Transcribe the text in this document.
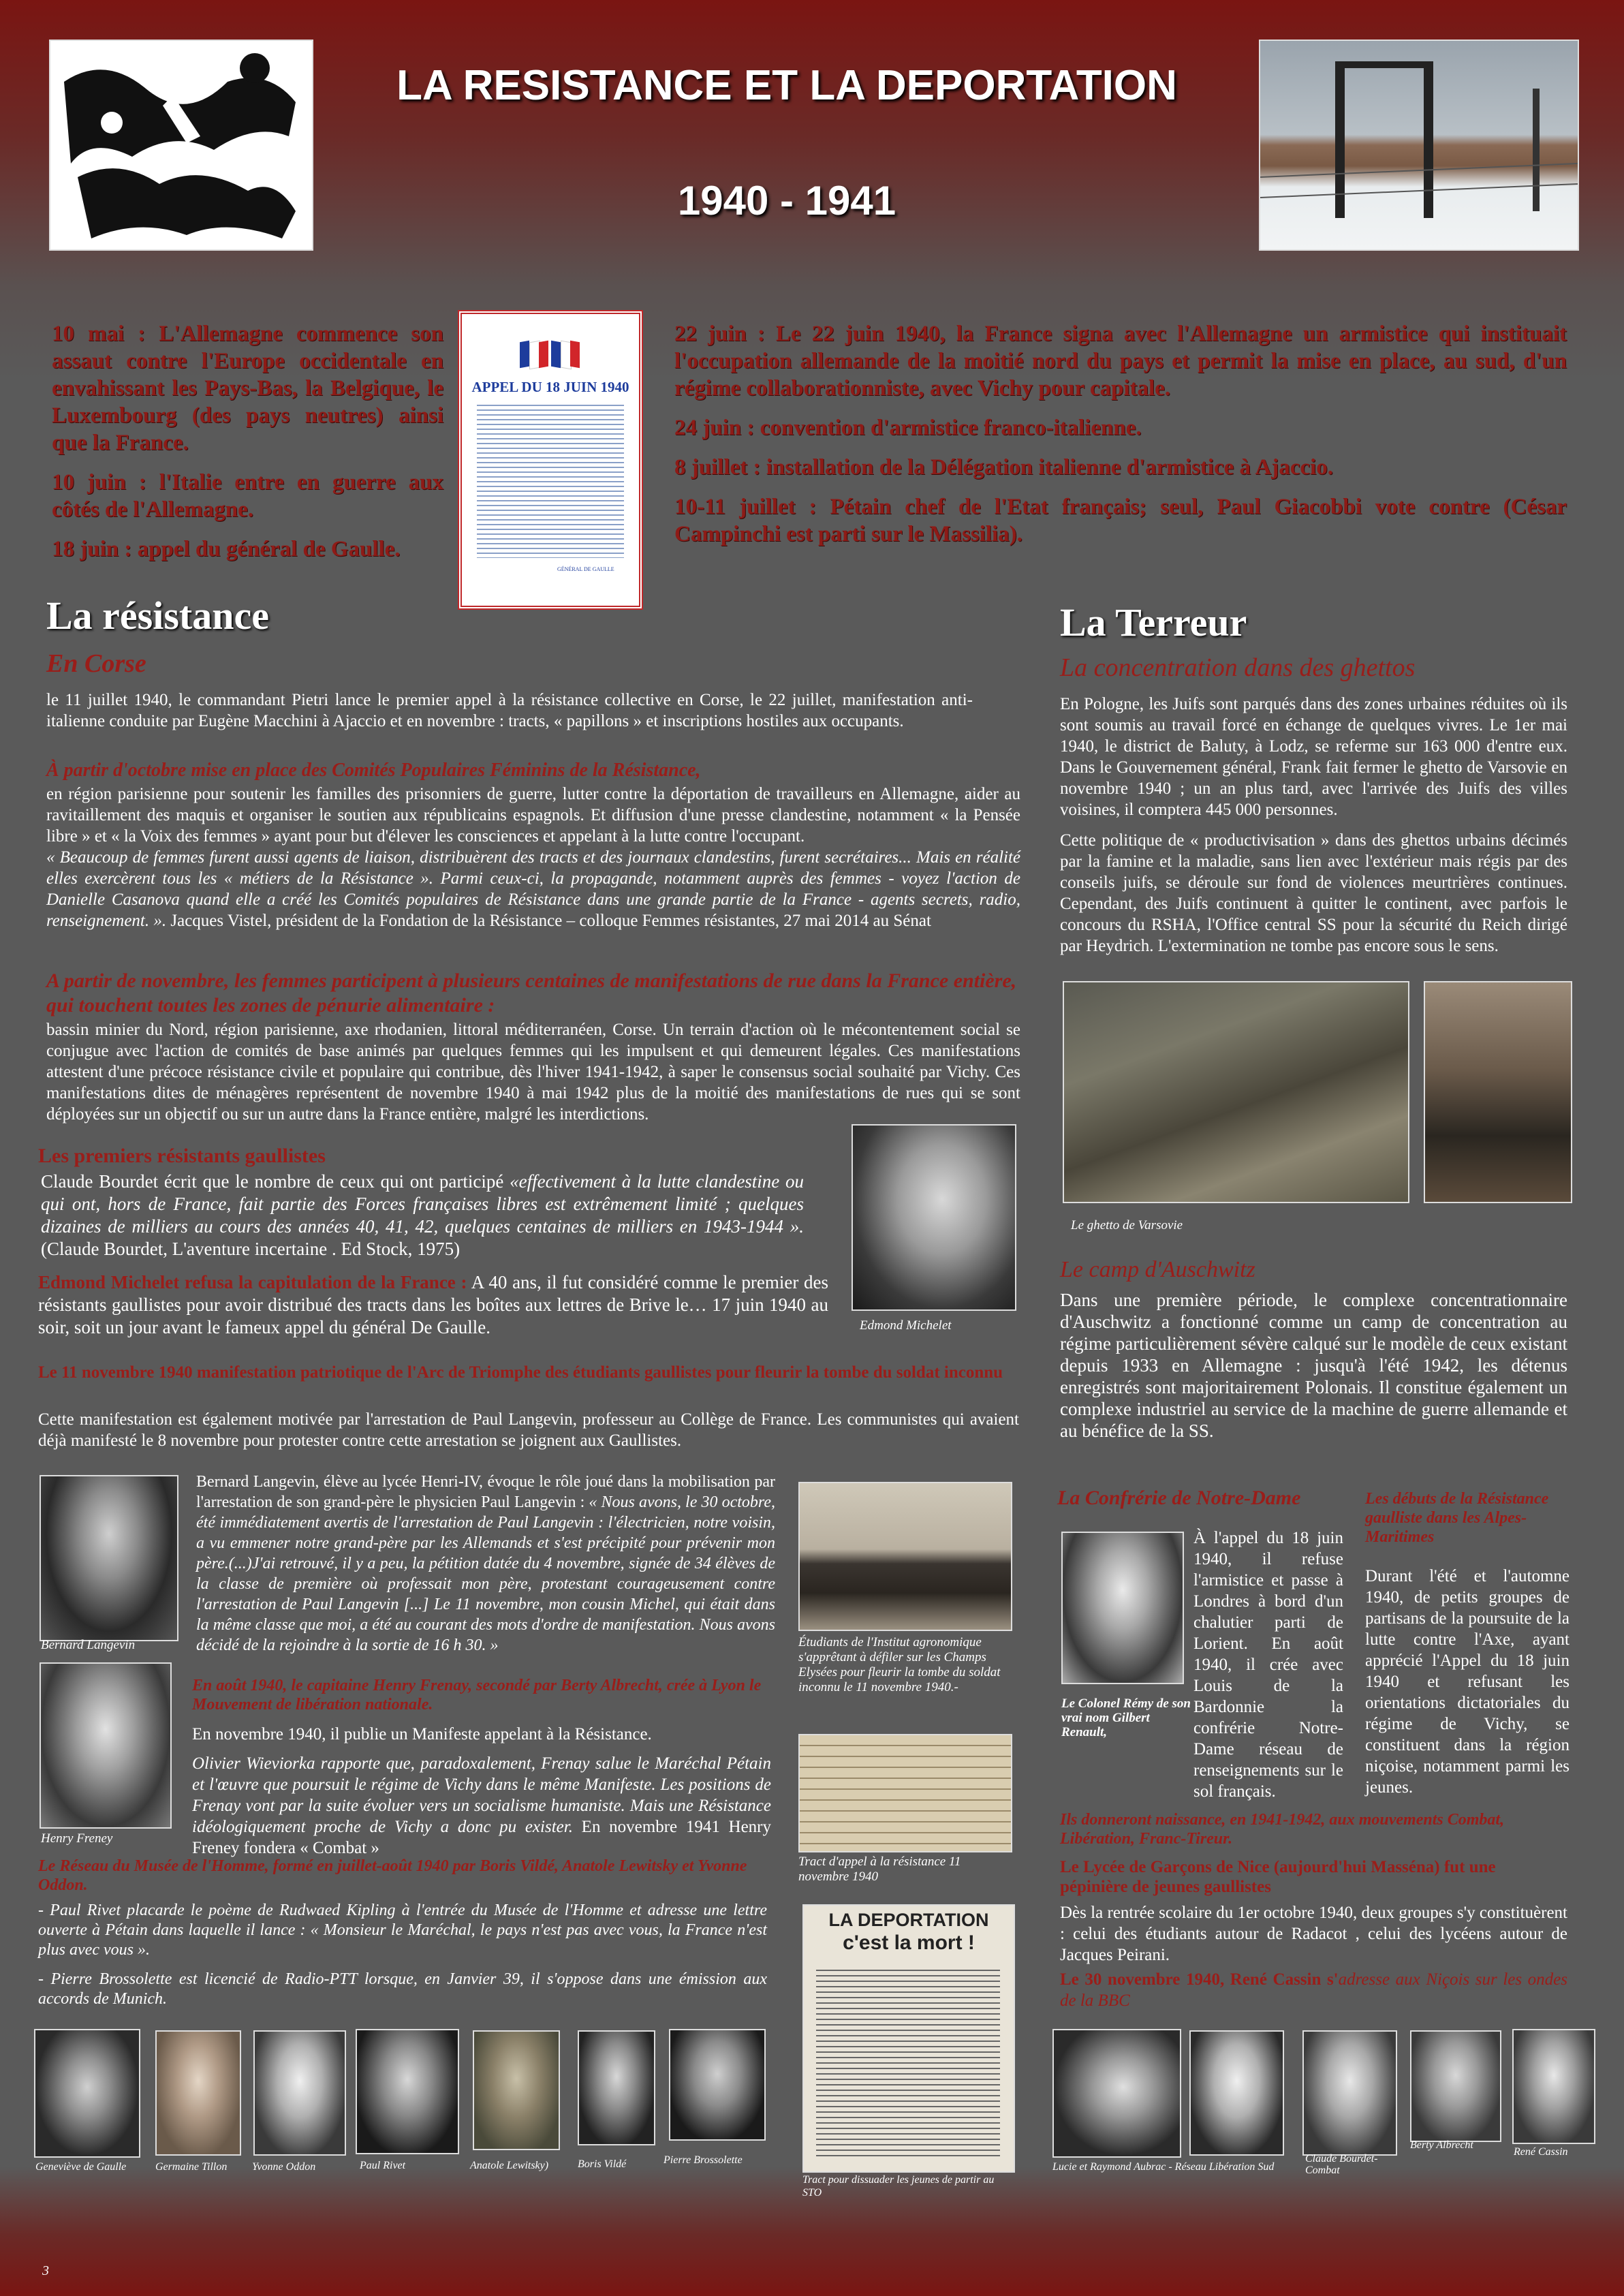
LA RESISTANCE ET LA DEPORTATION
1940 - 1941

10 mai : L'Allemagne commence son assaut contre l'Europe occidentale en envahissant les Pays-Bas, la Belgique, le Luxembourg (des pays neutres) ainsi que la France.

10 juin : l'Italie entre en guerre aux côtés de l'Allemagne.

18 juin : appel du général de Gaulle.

APPEL DU 18 JUIN 1940
GÉNÉRAL DE GAULLE

22 juin : Le 22 juin 1940, la France signa avec l'Allemagne un armistice qui instituait l'occupation allemande de la moitié nord du pays et permit la mise en place, au sud, d'un régime collaborationniste, avec Vichy pour capitale.

24 juin : convention d'armistice franco-italienne.

8 juillet : installation de la Délégation italienne d'armistice à Ajaccio.

10-11 juillet : Pétain chef de l'Etat français; seul, Paul Giacobbi vote contre (César Campinchi est parti sur le Massilia).

La résistance
En Corse
le 11 juillet 1940, le commandant Pietri lance le premier appel à la résistance collective en Corse, le 22 juillet, manifestation anti-italienne conduite par Eugène Macchini à Ajaccio et en novembre : tracts, « papillons » et inscriptions hostiles aux occupants.
À partir d'octobre mise en place des Comités Populaires Féminins de la Résistance,
en région parisienne pour soutenir les familles des prisonniers de guerre, lutter contre la déportation de travailleurs en Allemagne, aider au ravitaillement des maquis et organiser le soutien aux républicains espagnols. Et diffusion d'une presse clandestine, notamment « la Pensée libre » et « la Voix des femmes » ayant pour but d'élever les consciences et appelant à la lutte contre l'occupant.
« Beaucoup de femmes furent aussi agents de liaison, distribuèrent des tracts et des journaux clandestins, furent secrétaires... Mais en réalité elles exercèrent tous les « métiers de la Résistance ». Parmi ceux-ci, la propagande, notamment auprès des femmes - voyez l'action de Danielle Casanova quand elle a créé les Comités populaires de Résistance dans une grande partie de la France - agents secrets, radio, renseignement. ». Jacques Vistel, président de la Fondation de la Résistance – colloque Femmes résistantes, 27 mai 2014 au Sénat
A partir de novembre, les femmes participent à plusieurs centaines de manifestations de rue dans la France entière, qui touchent toutes les zones de pénurie alimentaire :
bassin minier du Nord, région parisienne, axe rhodanien, littoral méditerranéen, Corse. Un terrain d'action où le mécontentement social se conjugue avec l'action de comités de base animés par quelques femmes qui les impulsent et qui demeurent légales. Ces manifestations attestent d'une précoce résistance civile et populaire qui contribue, dès l'hiver 1941-1942, à saper le consensus social souhaité par Vichy. Ces manifestations dites de ménagères représentent de novembre 1940 à mai 1942 plus de la moitié des manifestations de rues qui se sont déployées sur un objectif ou sur un autre dans la France entière, malgré les interdictions.
Les premiers résistants gaullistes
Claude Bourdet écrit que le nombre de ceux qui ont participé «effectivement à la lutte clandestine ou qui ont, hors de France, fait partie des Forces françaises libres est extrêmement limité ; quelques dizaines de milliers au cours des années 40, 41, 42, quelques centaines de milliers en 1943-1944 ». (Claude Bourdet, L'aventure incertaine . Ed Stock, 1975)
Edmond Michelet refusa la capitulation de la France : A 40 ans, il fut considéré comme le premier des résistants gaullistes pour avoir distribué des tracts dans les boîtes aux lettres de Brive le… 17 juin 1940 au soir, soit un jour avant le fameux appel du général De Gaulle.	Edmond Michelet
Le 11 novembre 1940 manifestation patriotique de l'Arc de Triomphe des étudiants gaullistes pour fleurir la tombe du soldat inconnu
Cette manifestation est également motivée par l'arrestation de Paul Langevin, professeur au Collège de France. Les communistes qui avaient déjà manifesté le 8 novembre pour protester contre cette arrestation se joignent aux Gaullistes.
Bernard Langevin
Bernard Langevin, élève au lycée Henri-IV, évoque le rôle joué dans la mobilisation par l'arrestation de son grand-père le physicien Paul Langevin : « Nous avons, le 30 octobre, été immédiatement avertis de l'arrestation de Paul Langevin : l'électricien, notre voisin, a vu emmener notre grand-père par les Allemands et s'est précipité pour prévenir mon père.(...)J'ai retrouvé, il y a peu, la pétition datée du 4 novembre, signée de 34 élèves de la classe de première où professait mon père, protestant courageusement contre l'arrestation de Paul Langevin [...] Le 11 novembre, mon cousin Michel, qui était dans la même classe que moi, a été au courant des mots d'ordre de manifestation. Nous avons décidé de la rejoindre à la sortie de 16 h 30. »
Henry Freney
En août 1940, le capitaine Henry Frenay, secondé par Berty Albrecht, crée à Lyon le Mouvement de libération nationale.
En novembre 1940, il publie un Manifeste appelant à la Résistance.
Olivier Wieviorka rapporte que, paradoxalement, Frenay salue le Maréchal Pétain et l'œuvre que poursuit le régime de Vichy dans le même Manifeste. Les positions de Frenay vont par la suite évoluer vers un socialisme humaniste. Mais une Résistance idéologiquement proche de Vichy a donc pu exister. En novembre 1941 Henry Freney fondera « Combat »
Le Réseau du Musée de l'Homme, formé en juillet-août 1940 par Boris Vildé, Anatole Lewitsky et Yvonne Oddon.

- Paul Rivet placarde le poème de Rudwaed Kipling à l'entrée du Musée de l'Homme et adresse une lettre ouverte à Pétain dans laquelle il lance : « Monsieur le Maréchal, le pays n'est pas avec vous, la France n'est plus avec vous ».

- Pierre Brossolette est licencié de Radio-PTT lorsque, en Janvier 39, il s'oppose dans une émission aux accords de Munich.

Étudiants de l'Institut agronomique s'apprêtant à défiler sur les Champs Elysées pour fleurir la tombe du soldat inconnu le 11 novembre 1940.-
Tract d'appel à la résistance 11 novembre 1940
LA DEPORTATION
c'est la mort !
Tract pour dissuader les jeunes de partir au STO
Geneviève de Gaulle	Germaine Tillon Yvonne Oddon	Paul Rivet	Anatole Lewitsky)	Boris Vildé	Pierre Brossolette
La Terreur
La concentration dans des ghettos

En Pologne, les Juifs sont parqués dans des zones urbaines réduites où ils sont soumis au travail forcé en échange de quelques vivres. Le 1er mai 1940, le district de Baluty, à Lodz, se referme sur 163 000 d'entre eux. Dans le Gouvernement général, Frank fait fermer le ghetto de Varsovie en novembre 1940 ; un an plus tard, avec l'arrivée des Juifs des villes voisines, il comptera 445 000 personnes.

Cette politique de « productivisation » dans des ghettos urbains décimés par la famine et la maladie, sans lien avec l'extérieur mais régis par des conseils juifs, se déroule sur fond de violences meurtrières continues. Cependant, des Juifs continuent à quitter le continent, avec parfois le concours du RSHA, l'Office central SS pour la sécurité du Reich dirigé par Heydrich. L'extermination ne tombe pas encore sous le sens.

Le ghetto de Varsovie
Le camp d'Auschwitz
Dans une première période, le complexe concentrationnaire d'Auschwitz a fonctionné comme un camp de concentration au régime particulièrement sévère calqué sur le modèle de ceux existant depuis 1933 en Allemagne : jusqu'à l'été 1942, les détenus enregistrés sont majoritairement Polonais. Il constitue également un complexe industriel au service de la machine de guerre allemande et au bénéfice de la SS.
La Confrérie de Notre-Dame
Le Colonel Rémy de son vrai nom Gilbert Renault,
À l'appel du 18 juin 1940, il refuse l'armistice et passe à Londres à bord d'un chalutier parti de Lorient. En août 1940, il crée avec Louis de la Bardonnie la confrérie Notre-Dame réseau de renseignements sur le sol français.
Les débuts de la Résistance gaulliste dans les Alpes-Maritimes
Durant l'été et l'automne 1940, de petits groupes de partisans de la poursuite de la lutte contre l'Axe, ayant apprécié l'Appel du 18 juin 1940 et refusant les orientations dictatoriales du régime de Vichy, se constituent dans la région niçoise, notamment parmi les jeunes.
Ils donneront naissance, en 1941-1942, aux mouvements Combat, Libération, Franc-Tireur.
Le Lycée de Garçons de Nice (aujourd'hui Masséna) fut une pépinière de jeunes gaullistes
Dès la rentrée scolaire du 1er octobre 1940, deux groupes s'y constituèrent : celui des étudiants autour de Radacot , celui des lycéens autour de Jacques Peirani.
Le 30 novembre 1940, René Cassin s'adresse aux Niçois sur les ondes de la BBC
Lucie et Raymond Aubrac - Réseau Libération Sud
Claude Bourdet- Combat
Berty Albrecht
René Cassin
3
